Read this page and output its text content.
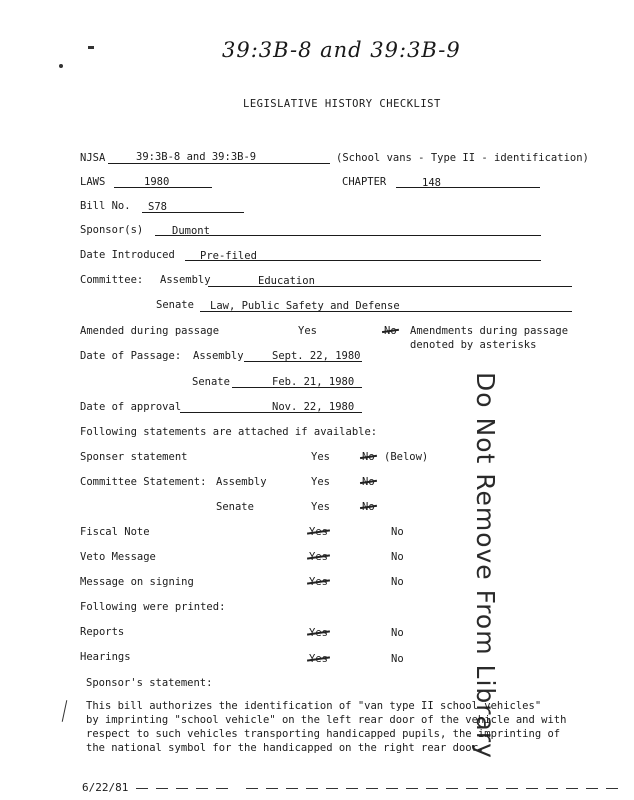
39:3B-8 and 39:3B-9
LEGISLATIVE HISTORY CHECKLIST
NJSA	39:3B-8 and 39:3B-9	(School vans - Type II - identification)
LAWS	1980	CHAPTER	148
Bill No. S78
Sponsor(s)	Dumont
Date Introduced Pre-filed
Committee: Assembly	Education
Senate Law, Public Safety and Defense
Amended during passage	Yes	No Amendments during passage
denoted by asterisks
Date of Passage: Assembly	Sept. 22, 1980
Senate	Feb. 21, 1980
Date of approval	Nov. 22, 1980
Following statements are attached if available:
Sponser statement	Yes	No (Below)
Committee Statement: Assembly	Yes	No
Senate	Yes	No
Fiscal Note	Yes	No
Veto Message	Yes	No
Message on signing	Yes	No
Following were printed:
Reports	Yes	No
Hearings	Yes	No	Do Not Remove From Library
Sponsor's statement:
This bill authorizes the identification of "van type II school vehicles"
by imprinting "school vehicle" on the left rear door of the vehicle and with
respect to such vehicles transporting handicapped pupils, the imprinting of
the national symbol for the handicapped on the right rear door.
6/22/81
